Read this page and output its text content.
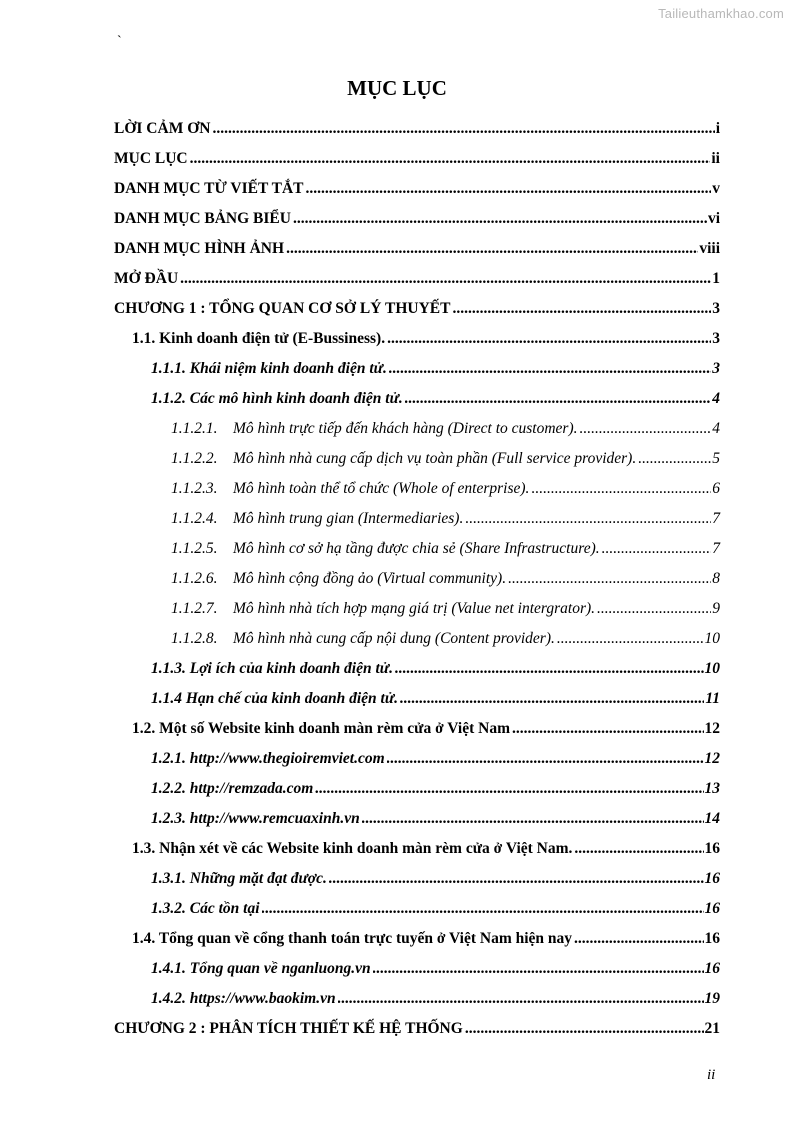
Tailieuthamkhao.com
`
MỤC LỤC
LỜI CẢM ƠN .....	i
MỤC LỤC .....	ii
DANH MỤC TỪ VIẾT TẮT .....	v
DANH MỤC BẢNG BIỂU .....	vi
DANH MỤC HÌNH ẢNH .....	viii
MỞ ĐẦU .....	1
CHƯƠNG 1 : TỔNG QUAN CƠ SỞ LÝ THUYẾT .....	3
1.1. Kinh doanh điện tử (E-Bussiness). .....	3
1.1.1. Khái niệm kinh doanh điện tử. .....	3
1.1.2. Các mô hình kinh doanh điện tử. .....	4
1.1.2.1. Mô hình trực tiếp đến khách hàng (Direct to customer). .....	4
1.1.2.2. Mô hình nhà cung cấp dịch vụ toàn phần (Full service provider). .....	5
1.1.2.3. Mô hình toàn thể tổ chức (Whole of enterprise). .....	6
1.1.2.4. Mô hình trung gian (Intermediaries). .....	7
1.1.2.5. Mô hình cơ sở hạ tầng được chia sẻ (Share Infrastructure). .....	7
1.1.2.6. Mô hình cộng đồng ảo (Virtual community). .....	8
1.1.2.7. Mô hình nhà tích hợp mạng giá trị (Value net intergrator). .....	9
1.1.2.8. Mô hình nhà cung cấp nội dung (Content provider). .....	10
1.1.3. Lợi ích của kinh doanh điện tử. .....	10
1.1.4 Hạn chế của kinh doanh điện tử. .....	11
1.2. Một số Website kinh doanh màn rèm cửa ở Việt Nam .....	12
1.2.1. http://www.thegioiremviet.com .....	12
1.2.2. http://remzada.com .....	13
1.2.3. http://www.remcuaxinh.vn .....	14
1.3. Nhận xét về các Website kinh doanh màn rèm cửa ở Việt Nam. .....	16
1.3.1. Những mặt đạt được. .....	16
1.3.2. Các tồn tại .....	16
1.4. Tổng quan về cổng thanh toán trực tuyến ở Việt Nam hiện nay .....	16
1.4.1. Tổng quan về nganluong.vn .....	16
1.4.2. https://www.baokim.vn .....	19
CHƯƠNG 2 : PHÂN TÍCH THIẾT KẾ HỆ THỐNG .....	21
ii
